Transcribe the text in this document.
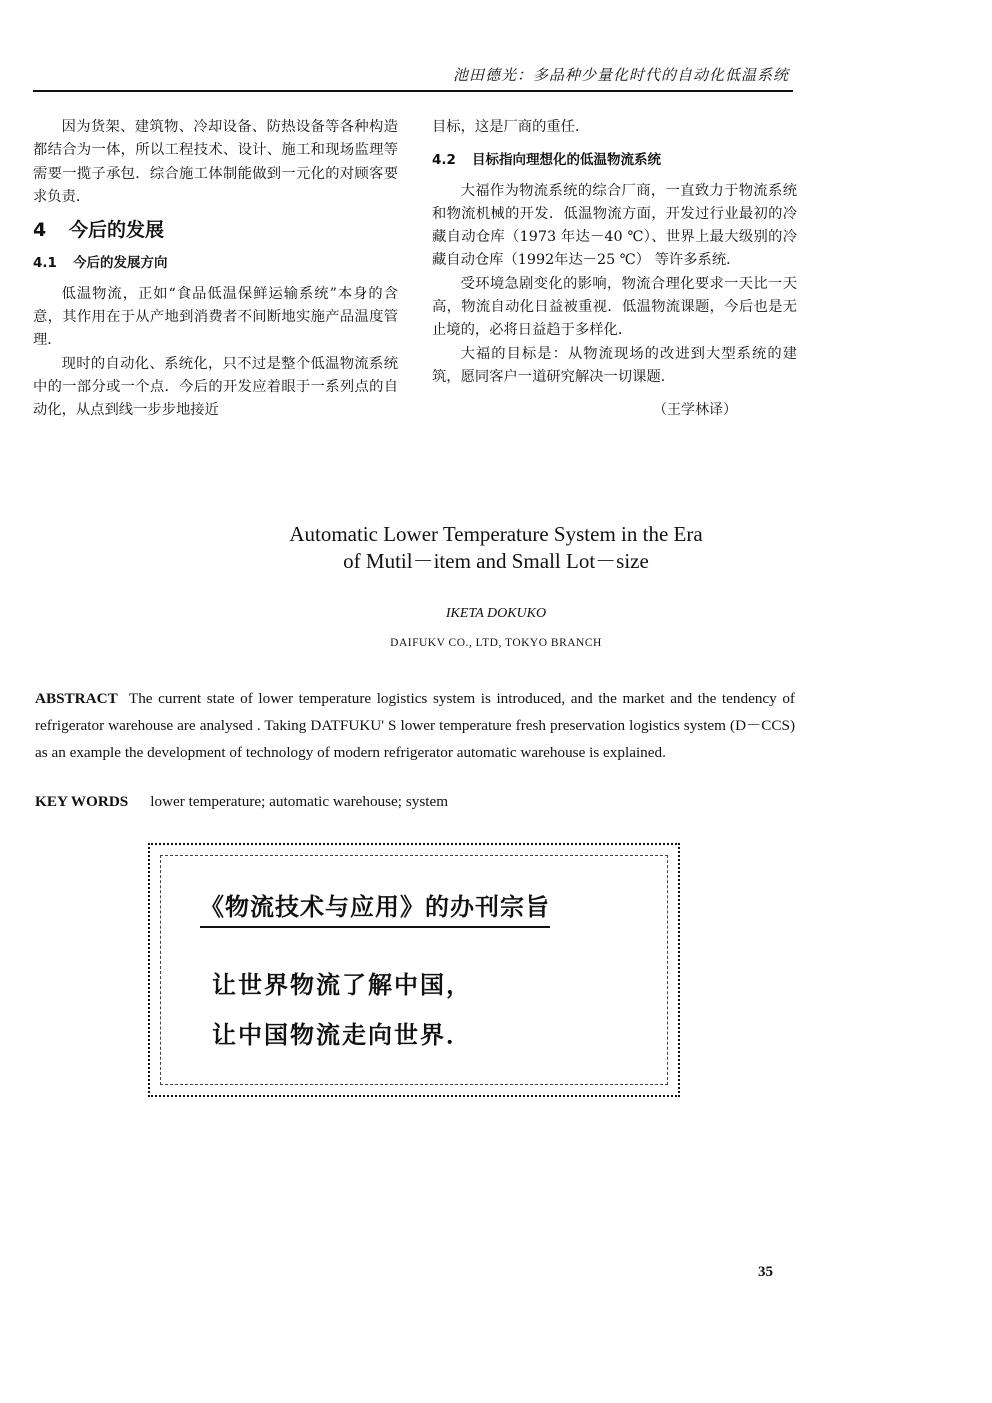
池田德光：多品种少量化时代的自动化低温系统

因为货架、建筑物、冷却设备、防热设备等各种构造都结合为一体，所以工程技术、设计、施工和现场监理等需要一揽子承包．综合施工体制能做到一元化的对顾客要求负责．

4 今后的发展
4.1 今后的发展方向

低温物流，正如“食品低温保鲜运输系统”本身的含意，其作用在于从产地到消费者不间断地实施产品温度管理．

现时的自动化、系统化，只不过是整个低温物流系统中的一部分或一个点．今后的开发应着眼于一系列点的自动化，从点到线一步步地接近

目标，这是厂商的重任．

4.2 目标指向理想化的低温物流系统

大福作为物流系统的综合厂商，一直致力于物流系统和物流机械的开发．低温物流方面，开发过行业最初的冷藏自动仓库（1973 年达－40 ℃）、世界上最大级别的冷藏自动仓库（1992年达－25 ℃） 等许多系统．

受环境急剧变化的影响，物流合理化要求一天比一天高，物流自动化日益被重视．低温物流课题，今后也是无止境的，必将日益趋于多样化．

大福的目标是：从物流现场的改进到大型系统的建筑，愿同客户一道研究解决一切课题．

（王学林译）
Automatic Lower Temperature System in the Era
of Mutil－item and Small Lot－size
IKETA DOKUKO
DAIFUKV CO., LTD, TOKYO BRANCH
ABSTRACT The current state of lower temperature logistics system is introduced, and the market and the tendency of refrigerator warehouse are analysed . Taking DATFUKU' S lower temperature fresh preservation logistics system (D－CCS) as an example the development of technology of modern refrigerator automatic warehouse is explained.
KEY WORDS lower temperature; automatic warehouse; system
《物流技术与应用》的办刊宗旨
让世界物流了解中国，
让中国物流走向世界．
35
